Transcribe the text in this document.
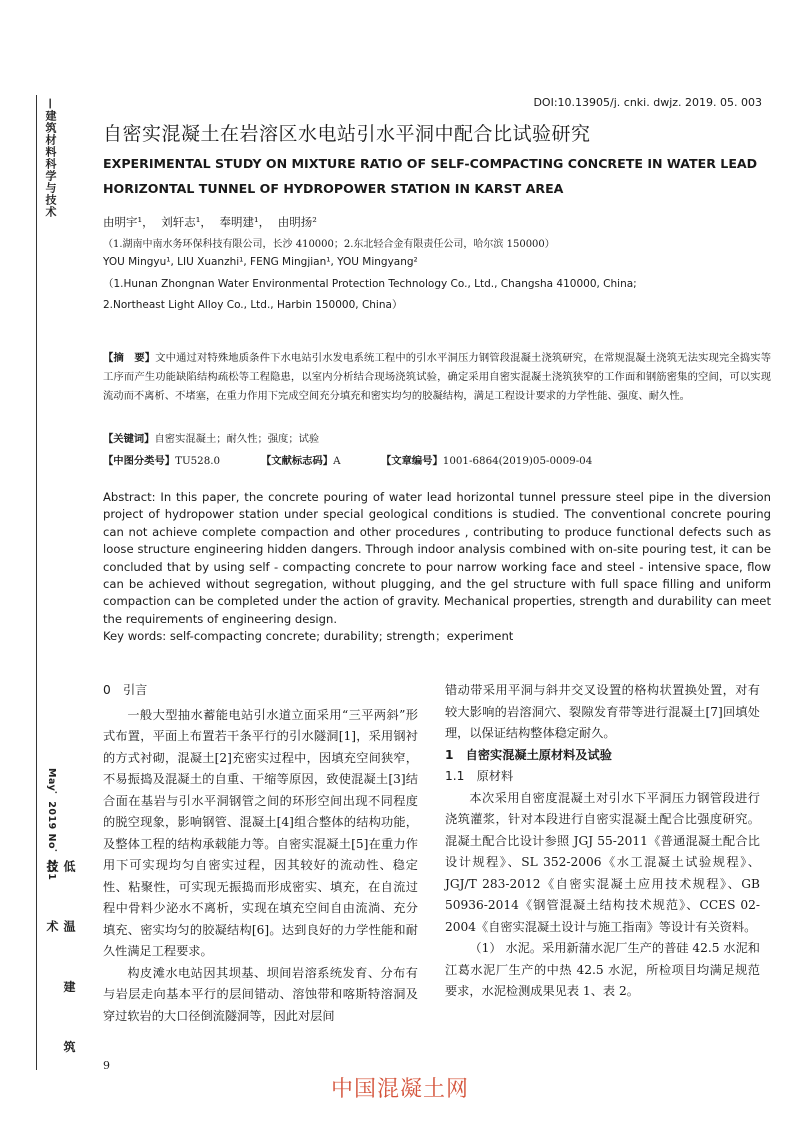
—建筑材料科学与技术
May．2019 No．251
低 温 建 筑 技 术
DOI:10.13905/j. cnki. dwjz. 2019. 05. 003
自密实混凝土在岩溶区水电站引水平洞中配合比试验研究
EXPERIMENTAL STUDY ON MIXTURE RATIO OF SELF-COMPACTING CONCRETE IN WATER LEAD HORIZONTAL TUNNEL OF HYDROPOWER STATION IN KARST AREA
由明宇¹， 刘轩志¹， 奉明建¹， 由明扬²
（1.湖南中南水务环保科技有限公司，长沙 410000；2.东北轻合金有限责任公司，哈尔滨 150000）
YOU Mingyu¹, LIU Xuanzhi¹, FENG Mingjian¹, YOU Mingyang²
（1.Hunan Zhongnan Water Environmental Protection Technology Co., Ltd., Changsha 410000, China;
2.Northeast Light Alloy Co., Ltd., Harbin 150000, China）
【摘　要】文中通过对特殊地质条件下水电站引水发电系统工程中的引水平洞压力钢管段混凝土浇筑研究，在常规混凝土浇筑无法实现完全捣实等工序而产生功能缺陷结构疏松等工程隐患，以室内分析结合现场浇筑试验，确定采用自密实混凝土浇筑狭窄的工作面和钢筋密集的空间，可以实现流动而不离析、不堵塞，在重力作用下完成空间充分填充和密实均匀的胶凝结构，满足工程设计要求的力学性能、强度、耐久性。
【关键词】自密实混凝土；耐久性；强度；试验
【中图分类号】TU528.0	【文献标志码】A	【文章编号】1001-6864(2019)05-0009-04
Abstract: In this paper, the concrete pouring of water lead horizontal tunnel pressure steel pipe in the diversion project of hydropower station under special geological conditions is studied. The conventional concrete pouring can not achieve complete compaction and other procedures , contributing to produce functional defects such as loose structure engineering hidden dangers. Through indoor analysis combined with on-site pouring test, it can be concluded that by using self - compacting concrete to pour narrow working face and steel - intensive space, flow can be achieved without segregation, without plugging, and the gel structure with full space filling and uniform compaction can be completed under the action of gravity. Mechanical properties, strength and durability can meet the requirements of engineering design.
Key words: self-compacting concrete; durability; strength；experiment
0　引言

一般大型抽水蓄能电站引水道立面采用“三平两斜”形式布置，平面上布置若干条平行的引水隧洞[1]，采用钢衬的方式衬砌，混凝土[2]充密实过程中，因填充空间狭窄，不易振捣及混凝土的自重、干缩等原因，致使混凝土[3]结合面在基岩与引水平洞钢管之间的环形空间出现不同程度的脱空现象，影响钢管、混凝土[4]组合整体的结构功能，及整体工程的结构承载能力等。自密实混凝土[5]在重力作用下可实现均匀自密实过程，因其较好的流动性、稳定性、粘聚性，可实现无振捣而形成密实、填充，在自流过程中骨料少泌水不离析，实现在填充空间自由流淌、充分填充、密实均匀的胶凝结构[6]。达到良好的力学性能和耐久性满足工程要求。

构皮滩水电站因其坝基、坝间岩溶系统发育、分布有与岩层走向基本平行的层间错动、溶蚀带和喀斯特溶洞及穿过软岩的大口径倒流隧洞等，因此对层间

错动带采用平洞与斜井交叉设置的格构状置换处置，对有较大影响的岩溶洞穴、裂隙发育带等进行混凝土[7]回填处理，以保证结构整体稳定耐久。

1　自密实混凝土原材料及试验
1.1　原材料

本次采用自密度混凝土对引水下平洞压力钢管段进行浇筑灌浆，针对本段进行自密实混凝土配合比强度研究。混凝土配合比设计参照 JGJ 55-2011《普通混凝土配合比设计规程》、SL 352-2006《水工混凝土试验规程》、JGJ/T 283-2012《自密实混凝土应用技术规程》、GB 50936-2014《钢管混凝土结构技术规范》、CCES 02-2004《自密实混凝土设计与施工指南》等设计有关资料。

（1） 水泥。采用新蒲水泥厂生产的普硅 42.5 水泥和江葛水泥厂生产的中热 42.5 水泥，所检项目均满足规范要求，水泥检测成果见表 1、表 2。

9
中国混凝土网
